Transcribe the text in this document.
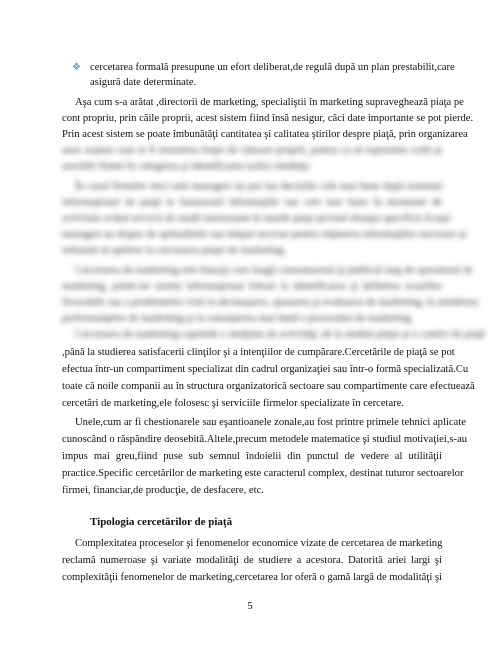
❖ cercetarea formală presupune un efort deliberat,de regulă după un plan prestabilit,care
asigură date determinate.
Aşa cum s-a arătat ,directorii de marketing, specialiştii în marketing supraveghează piaţa pe
cont propriu, prin căile proprii, acest sistem fiind însă nesigur, căci date importante se pot pierde.
Prin acest sistem se poate îmbunătăţi cantitatea şi calitatea ştirilor despre piaţă, prin organizarea
unor acţiuni cum ar fi instruirea forţei de vânzare proprii, pentru ca să reprezinte ochii şi
urechile firmei în culegerea şi identificarea noilor tendinţe.
În cazul firmelor mici unii manageri nu pot lua deciziile cele mai bune după sistemul
informaţional de piaţă le furnizează informaţiile sau cele mai bune în momente de
activitate având servicii de studii interesante în marile pieţe privind situaţia specifică.Aceşti
manageri au dispus de aptitudinile sau timpul necesar pentru obţinerea informaţiilor necesare şi
trebuind să apeleze la cercetarea pieţei de marketing.
Cercetarea de marketing este funcţia care leagă consumatorul şi publicul larg de operatorul de
marketing, printr-un sistem informaţional folosit la identificarea şi definirea ocaziilor
favorabile sau a problemelor ivite la declanşarea, ajustarea şi evaluarea de marketing, la urmărirea
performanţelor de marketing şi la cunoaşterea mai bună a procesului de marketing.
Cercetarea de marketing cuprinde o mulţime de activităţi, de la studiul pieţei şi a cotelor de piaţă
,până la studierea satisfacerii clinţilor şi a intenţiilor de cumpărare.Cercetările de piaţă se pot
efectua într-un compartiment specializat din cadrul organizaţiei sau într-o formă specializată.Cu
toate că noile companii au în structura organizatorică sectoare sau compartimente care efectuează
cercetări de marketing,ele folosesc şi serviciile firmelor specializate în cercetare.
Unele,cum ar fi chestionarele sau eşantioanele zonale,au fost printre primele tehnici aplicate
cunoscând o răspândire deosebită.Altele,precum metodele matematice şi studiul motivaţiei,s-au
impus mai greu,fiind puse sub semnul îndoielii din punctul de vedere al utilităţii
practice.Specific cercetărilor de marketing este caracterul complex, destinat tuturor sectoarelor
firmei, financiar,de producţie, de desfacere, etc.
Tipologia cercetărilor de piaţă
Complexitatea proceselor şi fenomenelor economice vizate de cercetarea de marketing
reclamă numeroase şi variate modalităţi de studiere a acestora. Datorită ariei largi şi
complexităţii fenomenelor de marketing,cercetarea lor oferă o gamă largă de modalităţi şi
5
